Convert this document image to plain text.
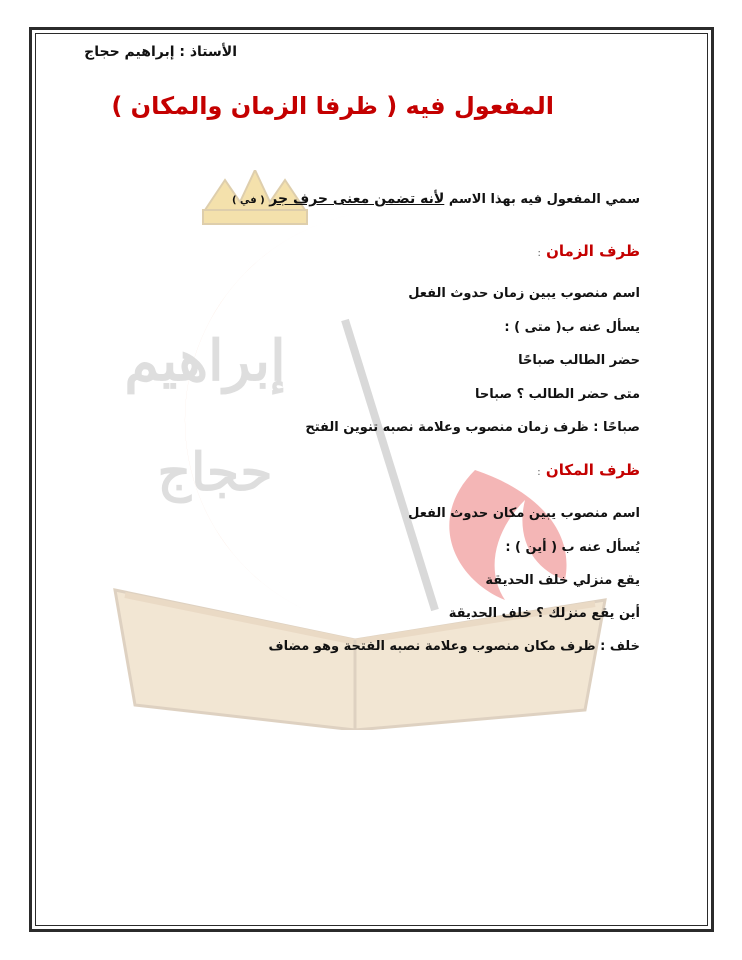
إبراهيم
حجاج
الأستاذ : إبراهيم حجاج
المفعول فيه ( ظرفا الزمان والمكان )
سمي المفعول فيه بهذا الاسم لأنه تضمن معنى حرف جر ( في )
ظرف الزمان :
اسم منصوب يبين زمان حدوث الفعل
يسأل عنه ب( متى ) :
حضر الطالب صباحًا
متى حضر الطالب ؟ صباحا
صباحًا : ظرف زمان منصوب وعلامة نصبه تنوين الفتح
ظرف المكان :
اسم منصوب يبين مكان حدوث الفعل
يُسأل عنه ب ( أين ) :
يقع منزلي خلف الحديقة
أين يقع منزلك ؟ خلف الحديقة
خلف : ظرف مكان منصوب وعلامة نصبه الفتحة وهو مضاف
